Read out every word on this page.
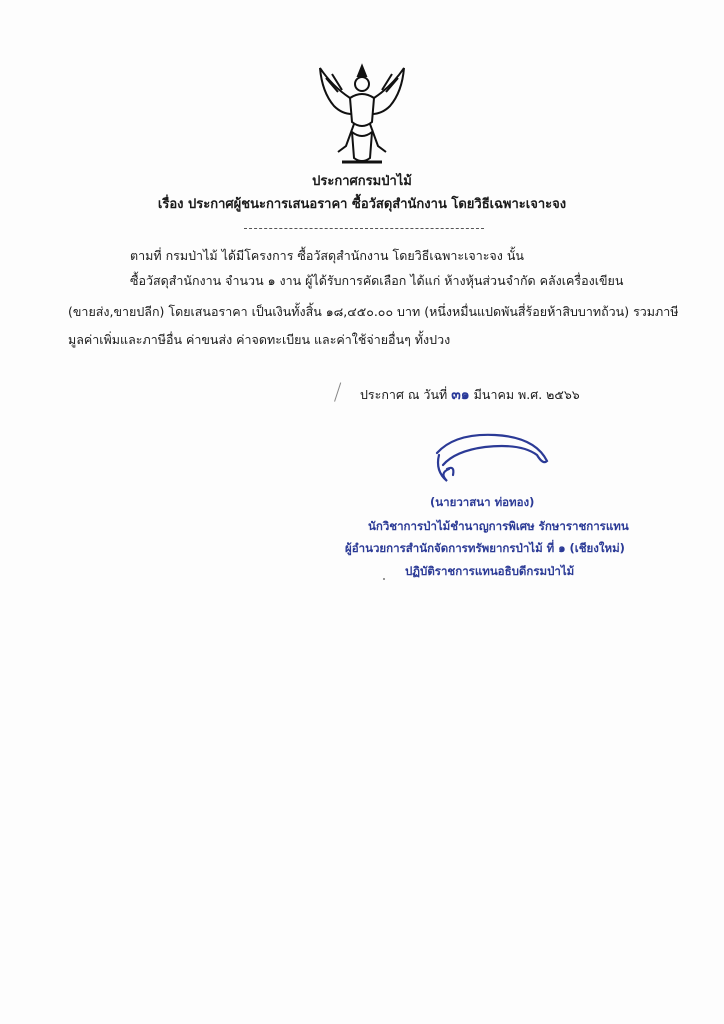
ประกาศกรมป่าไม้
เรื่อง ประกาศผู้ชนะการเสนอราคา ซื้อวัสดุสำนักงาน โดยวิธีเฉพาะเจาะจง
ตามที่ กรมป่าไม้ ได้มีโครงการ ซื้อวัสดุสำนักงาน โดยวิธีเฉพาะเจาะจง นั้น
ซื้อวัสดุสำนักงาน จำนวน ๑ งาน ผู้ได้รับการคัดเลือก ได้แก่ ห้างหุ้นส่วนจำกัด คลังเครื่องเขียน
(ขายส่ง,ขายปลีก) โดยเสนอราคา เป็นเงินทั้งสิ้น ๑๘,๔๕๐.๐๐ บาท (หนึ่งหมื่นแปดพันสี่ร้อยห้าสิบบาทถ้วน) รวมภาษี
มูลค่าเพิ่มและภาษีอื่น ค่าขนส่ง ค่าจดทะเบียน และค่าใช้จ่ายอื่นๆ ทั้งปวง
ประกาศ ณ วันที่ ๓๑ มีนาคม พ.ศ. ๒๕๖๖
(นายวาสนา ท่อทอง)
นักวิชาการป่าไม้ชำนาญการพิเศษ รักษาราชการแทน
ผู้อำนวยการสำนักจัดการทรัพยากรป่าไม้ ที่ ๑ (เชียงใหม่)
ปฏิบัติราชการแทนอธิบดีกรมป่าไม้
